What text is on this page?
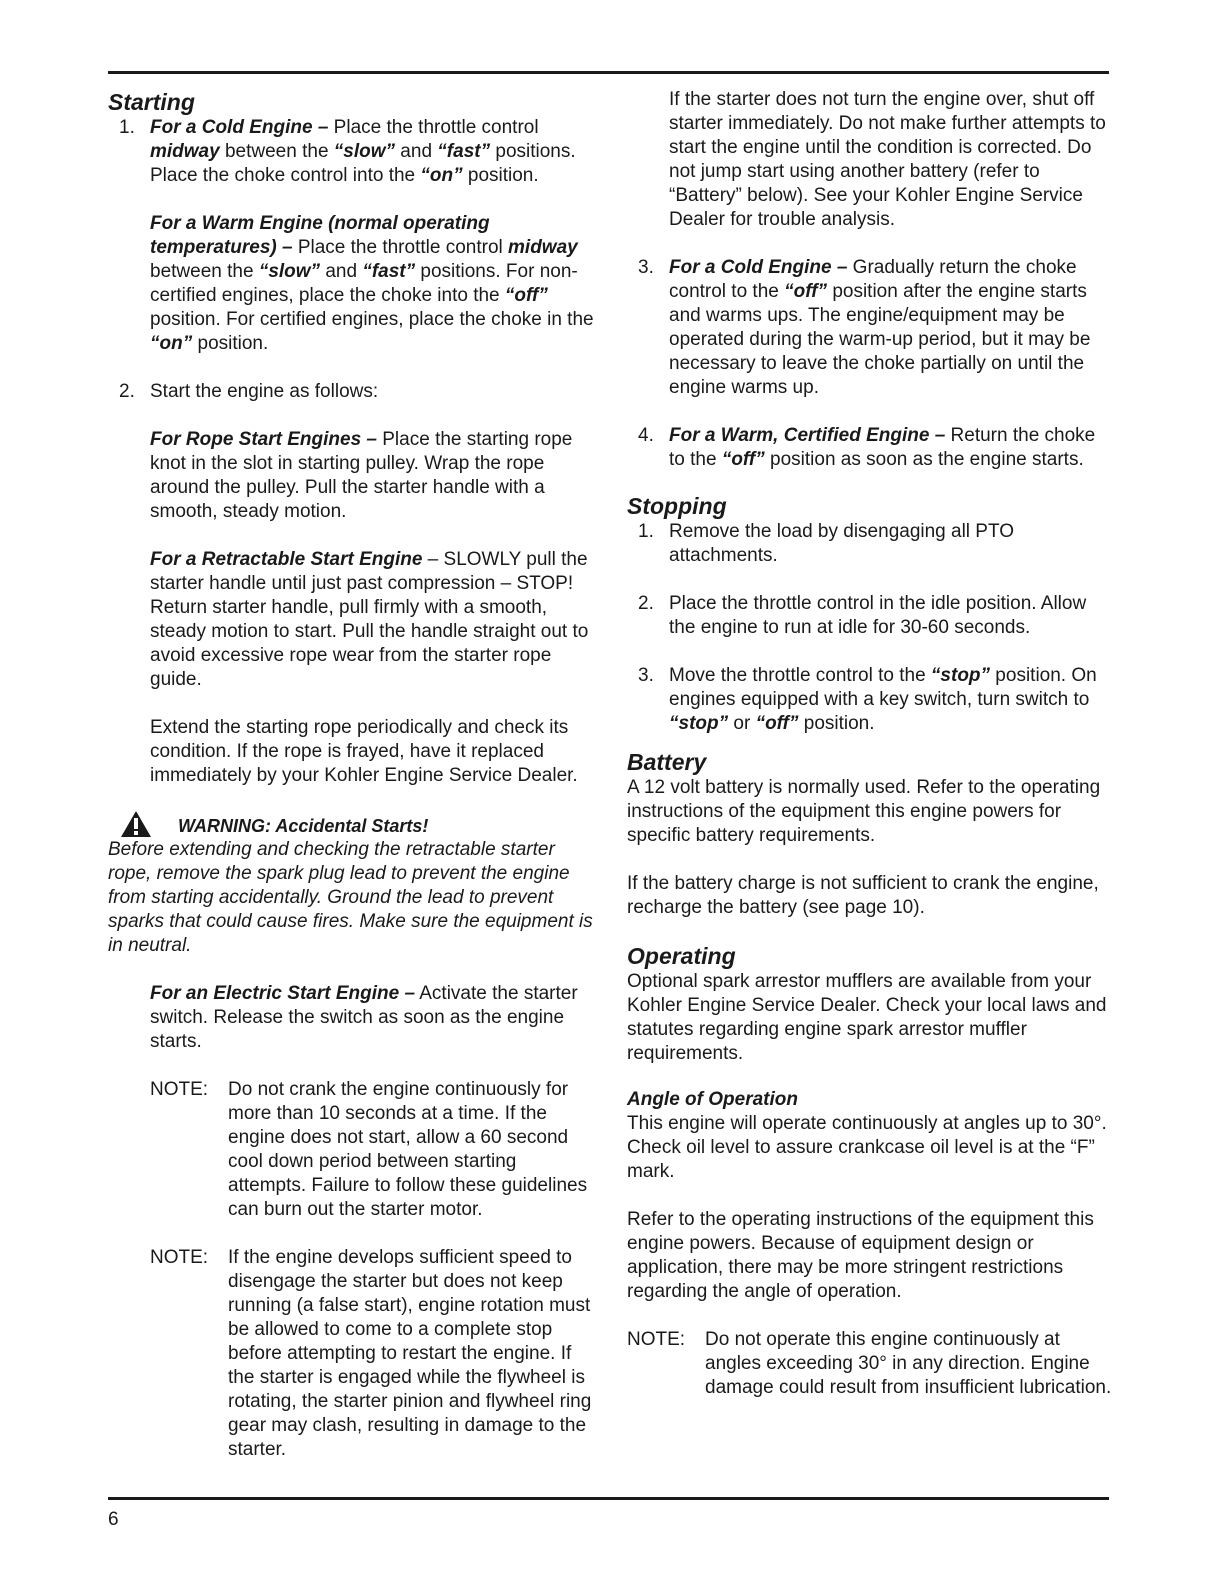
Starting
1. For a Cold Engine – Place the throttle control midway between the “slow” and “fast” positions. Place the choke control into the “on” position.

For a Warm Engine (normal operating temperatures) – Place the throttle control midway between the “slow” and “fast” positions. For non-certified engines, place the choke into the “off” position. For certified engines, place the choke in the “on” position.

2. Start the engine as follows:

For Rope Start Engines – Place the starting rope knot in the slot in starting pulley. Wrap the rope around the pulley. Pull the starter handle with a smooth, steady motion.

For a Retractable Start Engine – SLOWLY pull the starter handle until just past compression – STOP! Return starter handle, pull firmly with a smooth, steady motion to start. Pull the handle straight out to avoid excessive rope wear from the starter rope guide.

Extend the starting rope periodically and check its condition. If the rope is frayed, have it replaced immediately by your Kohler Engine Service Dealer.

WARNING: Accidental Starts!

Before extending and checking the retractable starter rope, remove the spark plug lead to prevent the engine from starting accidentally. Ground the lead to prevent sparks that could cause fires. Make sure the equipment is in neutral.

For an Electric Start Engine – Activate the starter switch. Release the switch as soon as the engine starts.

NOTE: Do not crank the engine continuously for more than 10 seconds at a time. If the engine does not start, allow a 60 second cool down period between starting attempts. Failure to follow these guidelines can burn out the starter motor.

NOTE: If the engine develops sufficient speed to disengage the starter but does not keep running (a false start), engine rotation must be allowed to come to a complete stop before attempting to restart the engine. If the starter is engaged while the flywheel is rotating, the starter pinion and flywheel ring gear may clash, resulting in damage to the starter.

If the starter does not turn the engine over, shut off starter immediately. Do not make further attempts to start the engine until the condition is corrected. Do not jump start using another battery (refer to “Battery” below). See your Kohler Engine Service Dealer for trouble analysis.

3. For a Cold Engine – Gradually return the choke control to the “off” position after the engine starts and warms ups. The engine/equipment may be operated during the warm-up period, but it may be necessary to leave the choke partially on until the engine warms up.

4. For a Warm, Certified Engine – Return the choke to the “off” position as soon as the engine starts.

Stopping
1. Remove the load by disengaging all PTO attachments.

2. Place the throttle control in the idle position. Allow the engine to run at idle for 30-60 seconds.

3. Move the throttle control to the “stop” position. On engines equipped with a key switch, turn switch to “stop” or “off” position.

Battery

A 12 volt battery is normally used. Refer to the operating instructions of the equipment this engine powers for specific battery requirements.

If the battery charge is not sufficient to crank the engine, recharge the battery (see page 10).

Operating

Optional spark arrestor mufflers are available from your Kohler Engine Service Dealer. Check your local laws and statutes regarding engine spark arrestor muffler requirements.

Angle of Operation

This engine will operate continuously at angles up to 30°. Check oil level to assure crankcase oil level is at the “F” mark.

Refer to the operating instructions of the equipment this engine powers. Because of equipment design or application, there may be more stringent restrictions regarding the angle of operation.

NOTE: Do not operate this engine continuously at angles exceeding 30° in any direction. Engine damage could result from insufficient lubrication.

6
